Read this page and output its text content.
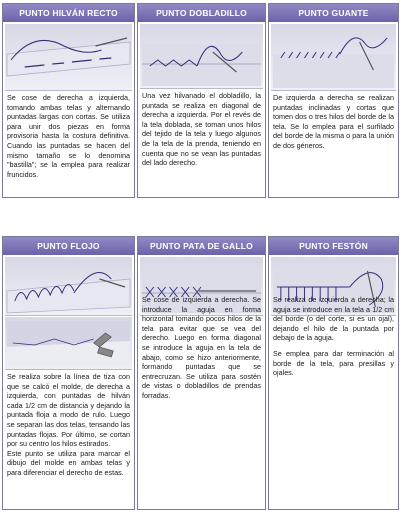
PUNTO HILVÁN RECTO
Se cose de derecha a izquierda, tomando ambas telas y alternando puntadas largas con cortas. Se utiliza para unir dos piezas en forma provisoria hasta la costura definitiva. Cuando las puntadas se hacen del mismo tamaño se lo denomina "bastilla"; se la emplea para realizar fruncidos.
PUNTO DOBLADILLO
Una vez hilvanado el dobladillo, la puntada se realiza en diagonal de derecha a izquierda. Por el revés de la tela doblada, se toman unos hilos del tejido de la tela y luego algunos de la tela de la prenda, teniendo en cuenta que no se vean las puntadas del lado derecho.
PUNTO GUANTE
De izquierda a derecha se realizan puntadas inclinadas y cortas que tomen dos o tres hilos del borde de la tela. Se lo emplea para el surfilado del borde de la misma o para la unión de dos géneros.
PUNTO FLOJO

Se realiza sobre la línea de tiza con que se calcó el molde, de derecha a izquierda, con puntadas de hilván cada 1/2 cm de distancia y dejando la puntada floja a modo de rulo. Luego se separan las dos telas, tensando las puntadas flojas. Por último, se cortan por su centro los hilos estirados.

Este punto se utiliza para marcar el dibujo del molde en ambas telas y para diferenciar el derecho de estas.

PUNTO PATA DE GALLO
Se cose de izquierda a derecha. Se introduce la aguja en forma horizontal tomando pocos hilos de la tela para evitar que se vea del derecho. Luego en forma diagonal se introduce la aguja en la tela de abajo, como se hizo anteriormente, formando puntadas que se entrecruzan. Se utiliza para sostén de vistas o dobladillos de prendas forradas.
PUNTO FESTÓN

Se realiza de izquierda a derecha; la aguja se introduce en la tela a 1/2 cm del borde (o del corte, si es un ojal), dejando el hilo de la puntada por debajo de la aguja.

Se emplea para dar terminación al borde de la tela, para presillas y ojales.
